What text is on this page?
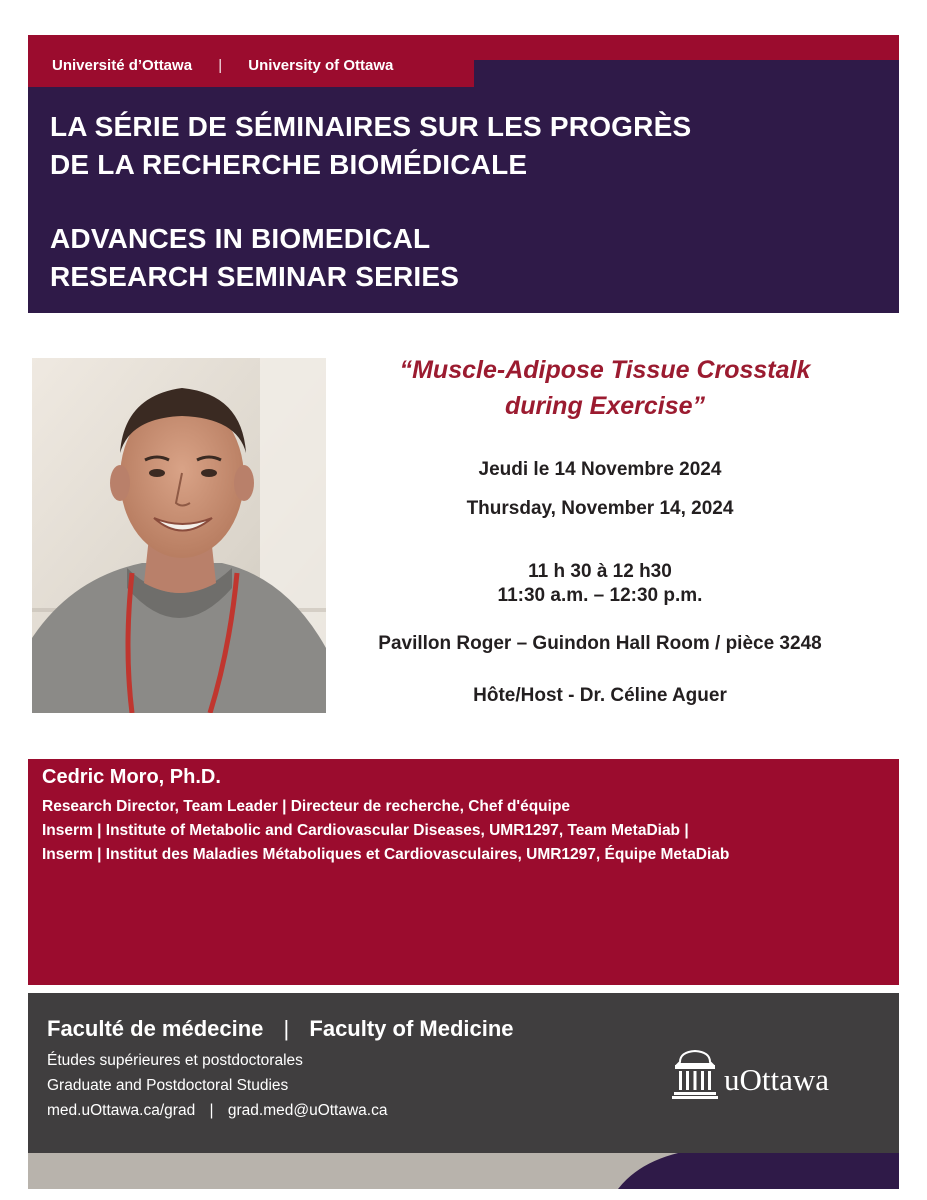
Université d’Ottawa | University of Ottawa
LA SÉRIE DE SÉMINAIRES SUR LES PROGRÈS
DE LA RECHERCHE BIOMÉDICALE
ADVANCES IN BIOMEDICAL
RESEARCH SEMINAR SERIES
“Muscle-Adipose Tissue Crosstalk
during Exercise”
Jeudi le 14 Novembre 2024
Thursday, November 14, 2024
11 h 30 à 12 h30
11:30 a.m. – 12:30 p.m.
Pavillon Roger – Guindon Hall Room / pièce 3248
Hôte/Host - Dr. Céline Aguer
Cedric Moro, Ph.D.
Research Director, Team Leader | Directeur de recherche, Chef d'équipe
Inserm | Institute of Metabolic and Cardiovascular Diseases, UMR1297, Team MetaDiab |
Inserm | Institut des Maladies Métaboliques et Cardiovasculaires, UMR1297, Équipe MetaDiab
Faculté de médecine | Faculty of Medicine
Études supérieures et postdoctorales
Graduate and Postdoctoral Studies
med.uOttawa.ca/grad | grad.med@uOttawa.ca
uOttawa
